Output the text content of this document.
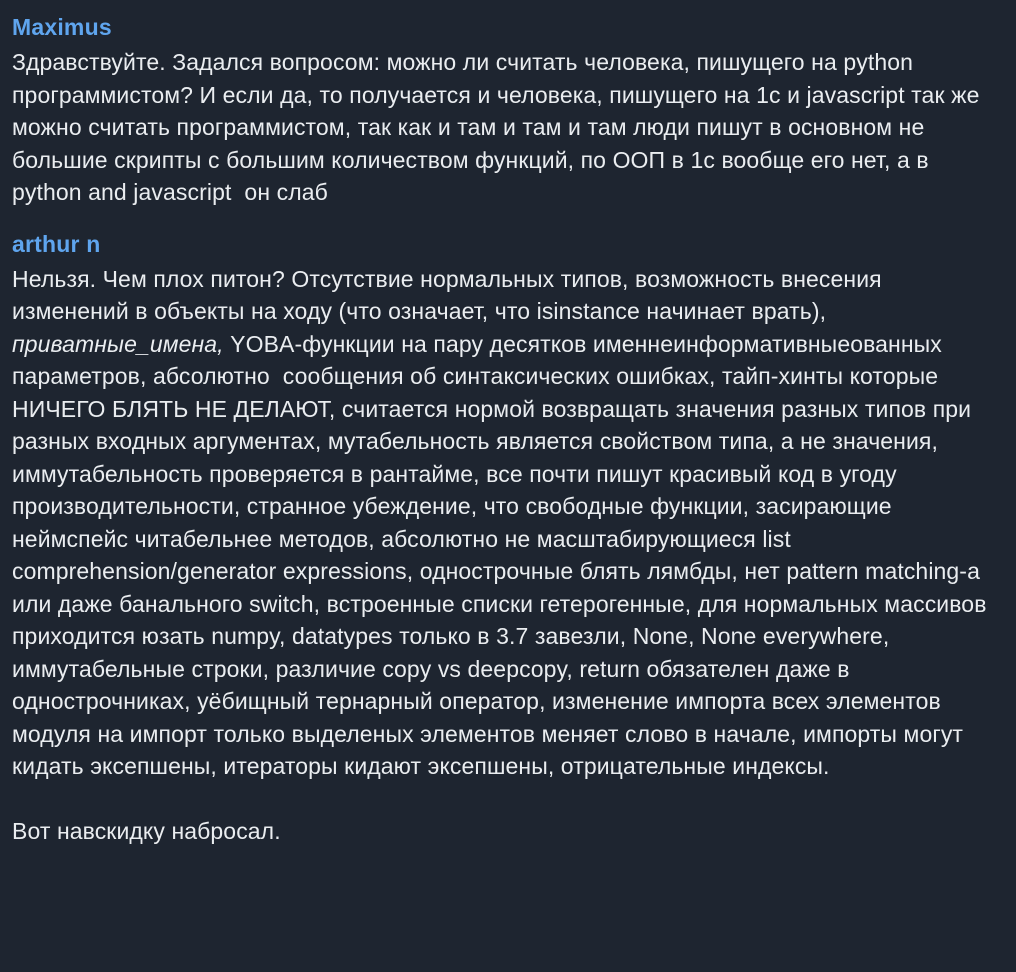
Maximus
Здравствуйте. Задался вопросом: можно ли считать человека, пишущего на python программистом? И если да, то получается и человека, пишущего на 1с и javascript так же можно считать программистом, так как и там и там и там люди пишут в основном не большие скрипты с большим количеством функций, по ООП в 1с вообще его нет, а в python and javascript  он слаб
arthur n
Нельзя. Чем плох питон? Отсутствие нормальных типов, возможность внесения изменений в объекты на ходу (что означает, что isinstance начинает врать), приватные_имена, YOBA-функции на пару десятков именнеинформативныеованных параметров, абсолютно  сообщения об синтаксических ошибках, тайп-хинты которые НИЧЕГО БЛЯТЬ НЕ ДЕЛАЮТ, считается нормой возвращать значения разных типов при разных входных аргументах, мутабельность является свойством типа, а не значения, иммутабельность проверяется в рантайме, все почти пишут красивый код в угоду производительности, странное убеждение, что свободные функции, засирающие неймспейс читабельнее методов, абсолютно не масштабирующиеся list comprehension/generator expressions, однострочные блять лямбды, нет pattern matching-а или даже банального switch, встроенные списки гетерогенные, для нормальных массивов приходится юзать numpy, datatypes только в 3.7 завезли, None, None everywhere, иммутабельные строки, различие copy vs deepcopy, return обязателен даже в однострочниках, уёбищный тернарный оператор, изменение импорта всех элементов модуля на импорт только выделеных элементов меняет слово в начале, импорты могут кидать эксепшены, итераторы кидают эксепшены, отрицательные индексы.
Вот навскидку набросал.
